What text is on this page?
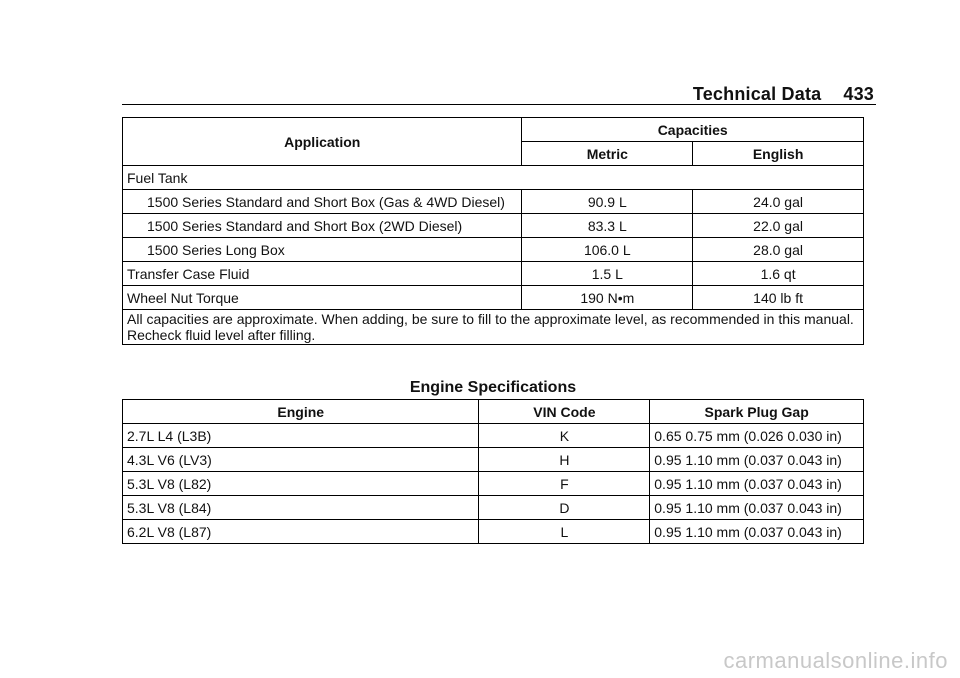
Technical Data 433
Application	Capacities	
	Metric	English
Fuel Tank		
1500 Series Standard and Short Box (Gas & 4WD Diesel)	90.9 L	24.0 gal
1500 Series Standard and Short Box (2WD Diesel)	83.3 L	22.0 gal
1500 Series Long Box	106.0 L	28.0 gal
Transfer Case Fluid	1.5 L	1.6 qt
Wheel Nut Torque	190 N•m	140 lb ft
All capacities are approximate. When adding, be sure to fill to the approximate level, as recommended in this manual. Recheck fluid level after filling.		
Engine Specifications
Engine	VIN Code	Spark Plug Gap
2.7L L4 (L3B)	K	0.65 0.75 mm (0.026 0.030 in)
4.3L V6 (LV3)	H	0.95 1.10 mm (0.037 0.043 in)
5.3L V8 (L82)	F	0.95 1.10 mm (0.037 0.043 in)
5.3L V8 (L84)	D	0.95 1.10 mm (0.037 0.043 in)
6.2L V8 (L87)	L	0.95 1.10 mm (0.037 0.043 in)
carmanualsonline.info
